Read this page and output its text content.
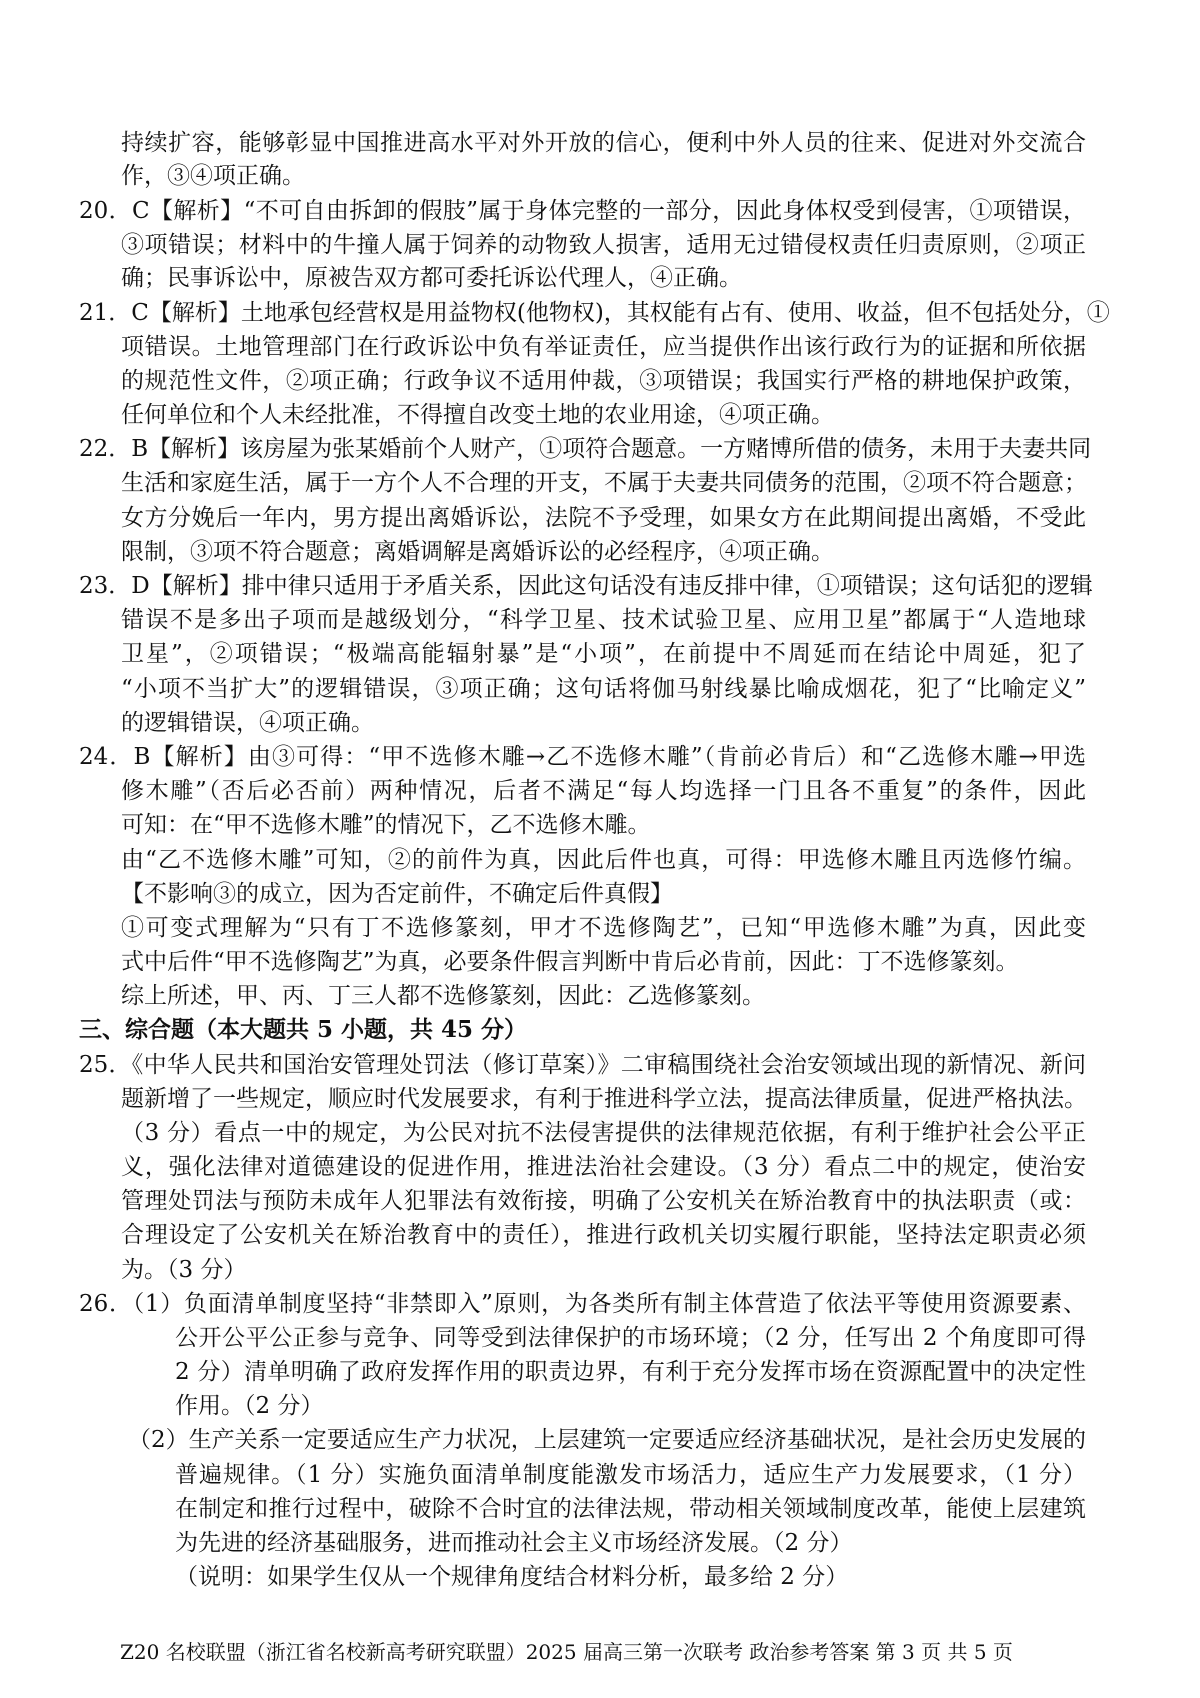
持续扩容，能够彰显中国推进高水平对外开放的信心，便利中外人员的往来、促进对外交流合
作，③④项正确。
20．C【解析】“不可自由拆卸的假肢”属于身体完整的一部分，因此身体权受到侵害，①项错误，
③项错误；材料中的牛撞人属于饲养的动物致人损害，适用无过错侵权责任归责原则，②项正
确；民事诉讼中，原被告双方都可委托诉讼代理人，④正确。
21．C【解析】土地承包经营权是用益物权(他物权)，其权能有占有、使用、收益，但不包括处分，①
项错误。土地管理部门在行政诉讼中负有举证责任，应当提供作出该行政行为的证据和所依据
的规范性文件，②项正确；行政争议不适用仲裁，③项错误；我国实行严格的耕地保护政策，
任何单位和个人未经批准，不得擅自改变土地的农业用途，④项正确。
22．B【解析】该房屋为张某婚前个人财产，①项符合题意。一方赌博所借的债务，未用于夫妻共同
生活和家庭生活，属于一方个人不合理的开支，不属于夫妻共同债务的范围，②项不符合题意；
女方分娩后一年内，男方提出离婚诉讼，法院不予受理，如果女方在此期间提出离婚，不受此
限制，③项不符合题意；离婚调解是离婚诉讼的必经程序，④项正确。
23．D【解析】排中律只适用于矛盾关系，因此这句话没有违反排中律，①项错误；这句话犯的逻辑
错误不是多出子项而是越级划分，“科学卫星、技术试验卫星、应用卫星”都属于“人造地球
卫星”，②项错误；“极端高能辐射暴”是“小项”，在前提中不周延而在结论中周延，犯了
“小项不当扩大”的逻辑错误，③项正确；这句话将伽马射线暴比喻成烟花，犯了“比喻定义”
的逻辑错误，④项正确。
24．B【解析】由③可得：“甲不选修木雕→乙不选修木雕”（肯前必肯后）和“乙选修木雕→甲选
修木雕”（否后必否前）两种情况，后者不满足“每人均选择一门且各不重复”的条件，因此
可知：在“甲不选修木雕”的情况下，乙不选修木雕。
由“乙不选修木雕”可知，②的前件为真，因此后件也真，可得：甲选修木雕且丙选修竹编。
【不影响③的成立，因为否定前件，不确定后件真假】
①可变式理解为“只有丁不选修篆刻，甲才不选修陶艺”，已知“甲选修木雕”为真，因此变
式中后件“甲不选修陶艺”为真，必要条件假言判断中肯后必肯前，因此：丁不选修篆刻。
综上所述，甲、丙、丁三人都不选修篆刻，因此：乙选修篆刻。
三、综合题（本大题共 5 小题，共 45 分）
25．《中华人民共和国治安管理处罚法（修订草案）》二审稿围绕社会治安领域出现的新情况、新问
题新增了一些规定，顺应时代发展要求，有利于推进科学立法，提高法律质量，促进严格执法。
（3 分）看点一中的规定，为公民对抗不法侵害提供的法律规范依据，有利于维护社会公平正
义，强化法律对道德建设的促进作用，推进法治社会建设。（3 分）看点二中的规定，使治安
管理处罚法与预防未成年人犯罪法有效衔接，明确了公安机关在矫治教育中的执法职责（或：
合理设定了公安机关在矫治教育中的责任），推进行政机关切实履行职能，坚持法定职责必须
为。（3 分）
26．（1）负面清单制度坚持“非禁即入”原则，为各类所有制主体营造了依法平等使用资源要素、
公开公平公正参与竞争、同等受到法律保护的市场环境；（2 分，任写出 2 个角度即可得
2 分）清单明确了政府发挥作用的职责边界，有利于充分发挥市场在资源配置中的决定性
作用。（2 分）
（2）生产关系一定要适应生产力状况，上层建筑一定要适应经济基础状况，是社会历史发展的
普遍规律。（1 分）实施负面清单制度能激发市场活力，适应生产力发展要求，（1 分）
在制定和推行过程中，破除不合时宜的法律法规，带动相关领域制度改革，能使上层建筑
为先进的经济基础服务，进而推动社会主义市场经济发展。（2 分）
（说明：如果学生仅从一个规律角度结合材料分析，最多给 2 分）
Z20 名校联盟（浙江省名校新高考研究联盟）2025 届高三第一次联考 政治参考答案 第 3 页 共 5 页
